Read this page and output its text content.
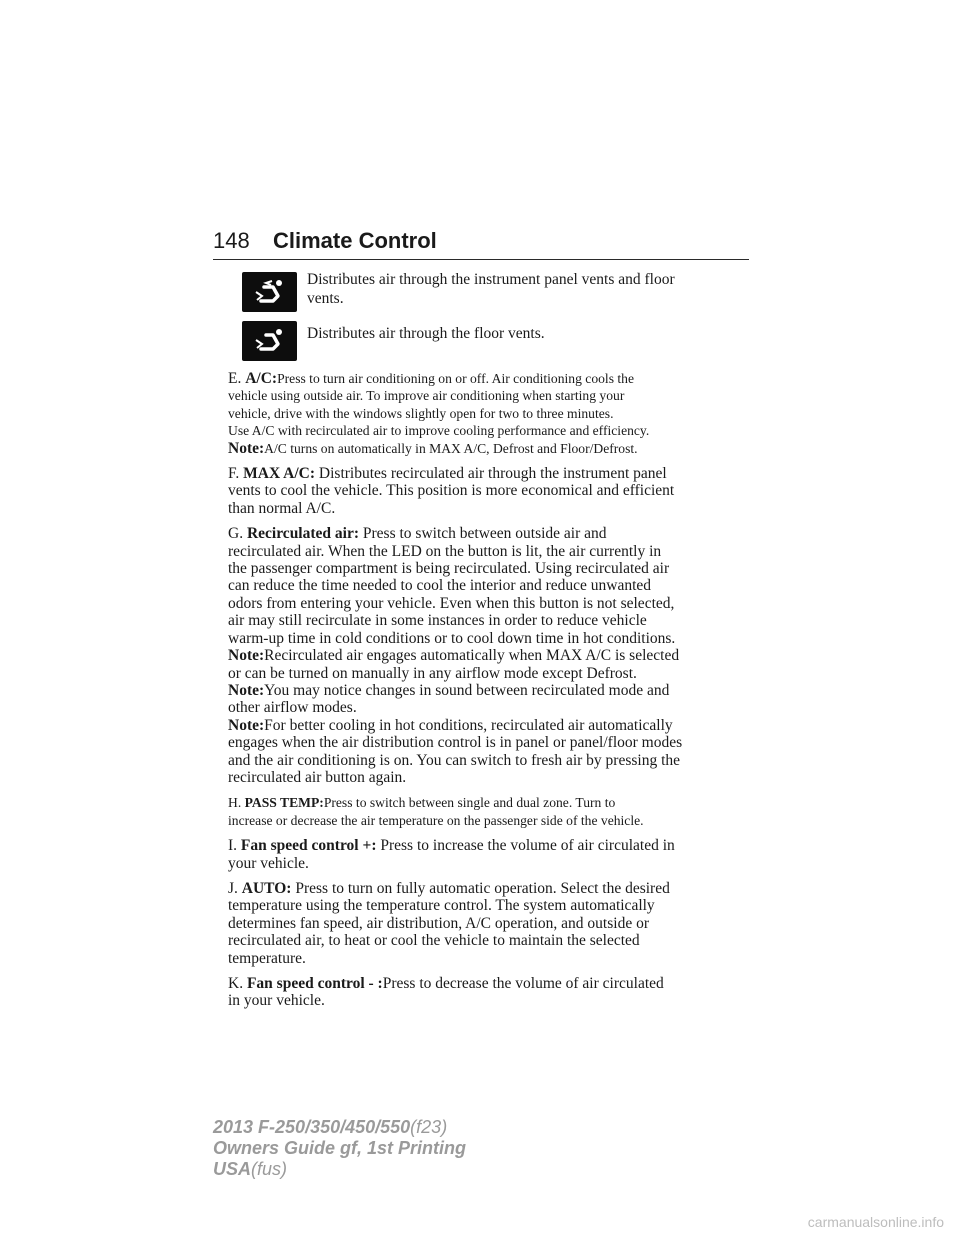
148 Climate Control
Distributes air through the instrument panel vents and floor
vents.
Distributes air through the floor vents.

E. A/C:Press to turn air conditioning on or off. Air conditioning cools the

vehicle using outside air. To improve air conditioning when starting your

vehicle, drive with the windows slightly open for two to three minutes.

Use A/C with recirculated air to improve cooling performance and efficiency.

Note:A/C turns on automatically in MAX A/C, Defrost and Floor/Defrost.

F. MAX A/C: Distributes recirculated air through the instrument panel

vents to cool the vehicle. This position is more economical and efficient

than normal A/C.

G. Recirculated air: Press to switch between outside air and

recirculated air. When the LED on the button is lit, the air currently in

the passenger compartment is being recirculated. Using recirculated air

can reduce the time needed to cool the interior and reduce unwanted

odors from entering your vehicle. Even when this button is not selected,

air may still recirculate in some instances in order to reduce vehicle

warm-up time in cold conditions or to cool down time in hot conditions.

Note:Recirculated air engages automatically when MAX A/C is selected

or can be turned on manually in any airflow mode except Defrost.

Note:You may notice changes in sound between recirculated mode and

other airflow modes.

Note:For better cooling in hot conditions, recirculated air automatically

engages when the air distribution control is in panel or panel/floor modes

and the air conditioning is on. You can switch to fresh air by pressing the

recirculated air button again.

H. PASS TEMP:Press to switch between single and dual zone. Turn to

increase or decrease the air temperature on the passenger side of the vehicle.

I. Fan speed control +: Press to increase the volume of air circulated in

your vehicle.

J. AUTO: Press to turn on fully automatic operation. Select the desired

temperature using the temperature control. The system automatically

determines fan speed, air distribution, A/C operation, and outside or

recirculated air, to heat or cool the vehicle to maintain the selected

temperature.

K. Fan speed control - :Press to decrease the volume of air circulated

in your vehicle.

2013 F-250/350/450/550(f23)
Owners Guide gf, 1st Printing
USA(fus)
carmanualsonline.info
